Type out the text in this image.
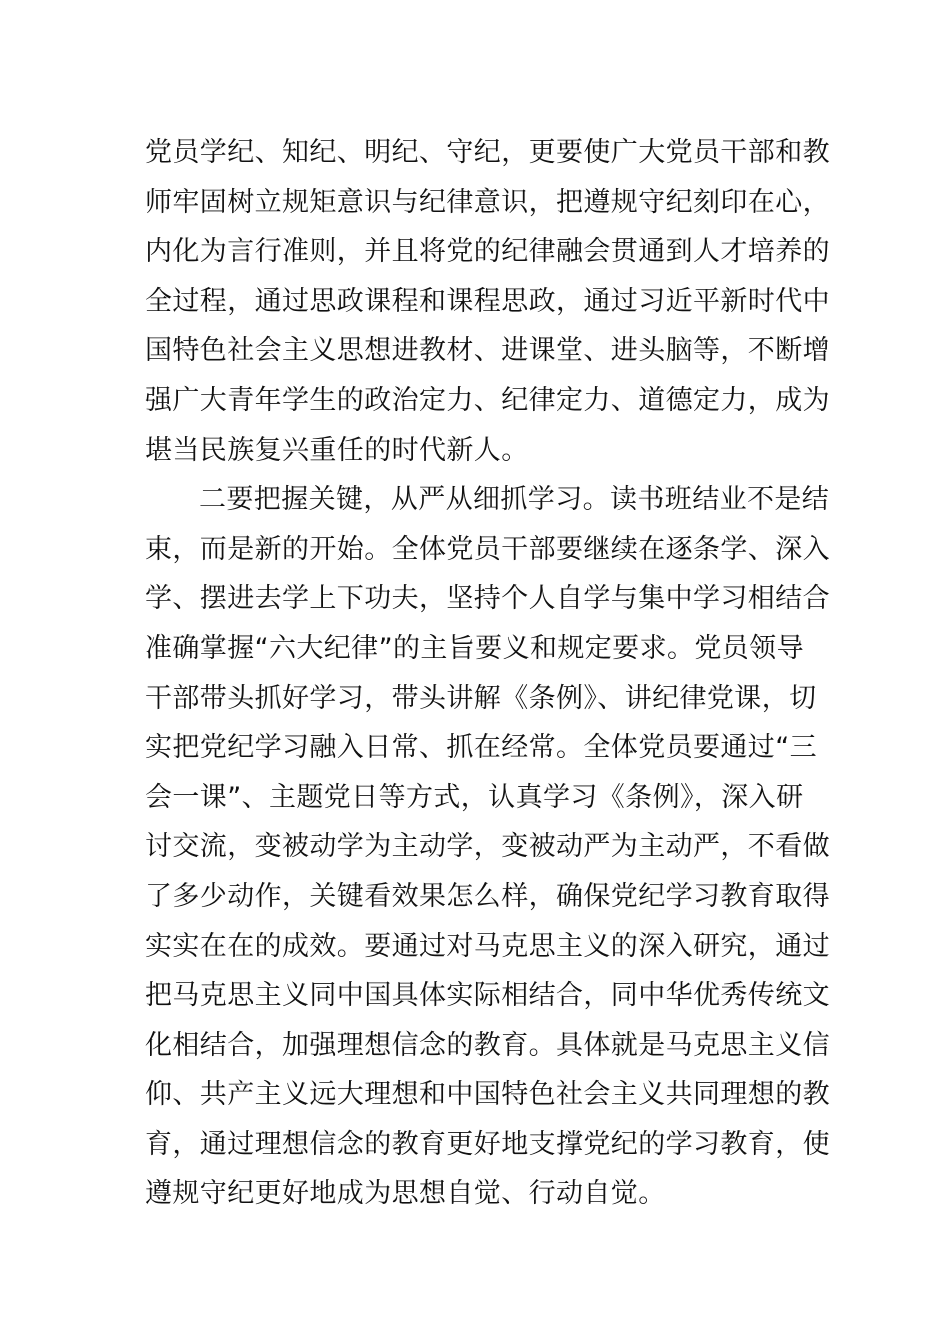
党员学纪、知纪、明纪、守纪，更要使广大党员干部和教
师牢固树立规矩意识与纪律意识，把遵规守纪刻印在心，
内化为言行准则，并且将党的纪律融会贯通到人才培养的
全过程，通过思政课程和课程思政，通过习近平新时代中
国特色社会主义思想进教材、进课堂、进头脑等，不断增
强广大青年学生的政治定力、纪律定力、道德定力，成为
堪当民族复兴重任的时代新人。
二要把握关键，从严从细抓学习。读书班结业不是结
束，而是新的开始。全体党员干部要继续在逐条学、深入
学、摆进去学上下功夫，坚持个人自学与集中学习相结合
准确掌握“六大纪律”的主旨要义和规定要求。党员领导
干部带头抓好学习，带头讲解《条例》、讲纪律党课，切
实把党纪学习融入日常、抓在经常。全体党员要通过“三
会一课”、主题党日等方式，认真学习《条例》，深入研
讨交流，变被动学为主动学，变被动严为主动严，不看做
了多少动作，关键看效果怎么样，确保党纪学习教育取得
实实在在的成效。要通过对马克思主义的深入研究，通过
把马克思主义同中国具体实际相结合，同中华优秀传统文
化相结合，加强理想信念的教育。具体就是马克思主义信
仰、共产主义远大理想和中国特色社会主义共同理想的教
育，通过理想信念的教育更好地支撑党纪的学习教育，使
遵规守纪更好地成为思想自觉、行动自觉。
